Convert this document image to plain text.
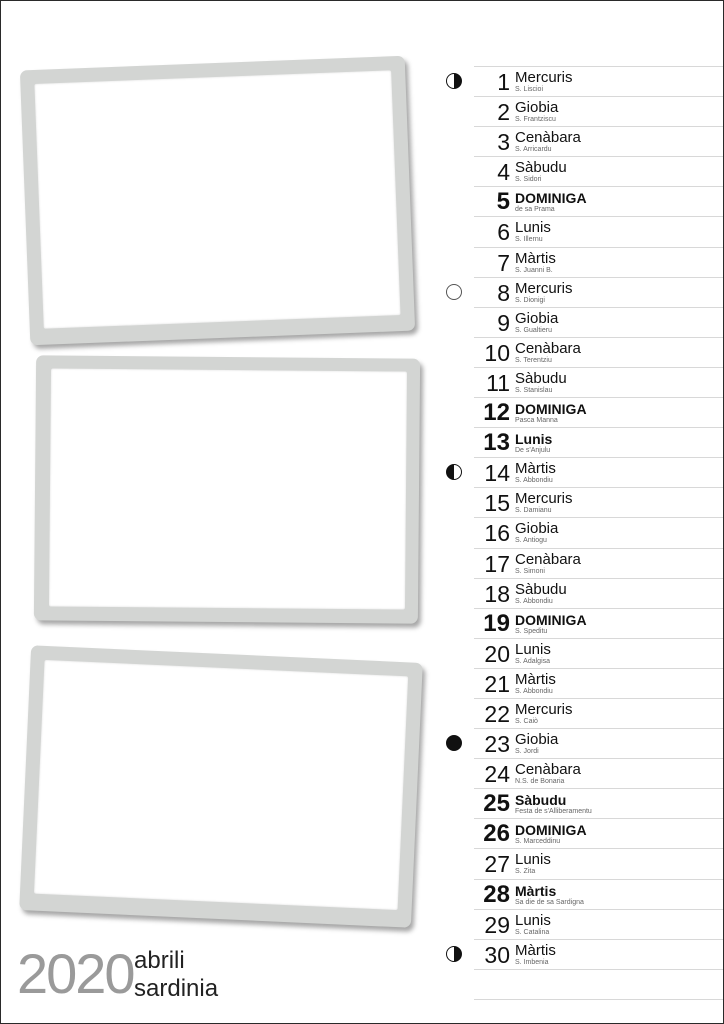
2020 abrili
sardinia
1 Mercuris
S. Liscioi
2 Giobia
S. Frantziscu
3 Cenàbara
S. Arricardu
4 Sàbudu
S. Sidori
5 DOMINIGA
de sa Prama
6 Lunis
S. Illernu
7 Màrtis
S. Juanni B.
8 Mercuris
S. Dionigi
9 Giobia
S. Gualtieru
10 Cenàbara
S. Terentziu
11 Sàbudu
S. Stanislau
12 DOMINIGA
Pasca Manna
13 Lunis
De s'Anjulu
14 Màrtis
S. Abbondiu
15 Mercuris
S. Damianu
16 Giobia
S. Antiogu
17 Cenàbara
S. Simoni
18 Sàbudu
S. Abbondiu
19 DOMINIGA
S. Speditu
20 Lunis
S. Adalgisa
21 Màrtis
S. Abbondiu
22 Mercuris
S. Caiò
23 Giobia
S. Jordi
24 Cenàbara
N.S. de Bonaria
25 Sàbudu
Festa de s'Alliberamentu
26 DOMINIGA
S. Marceddinu
27 Lunis
S. Zita
28 Màrtis
Sa die de sa Sardigna
29 Lunis
S. Catalina
30 Màrtis
S. Imbenia
